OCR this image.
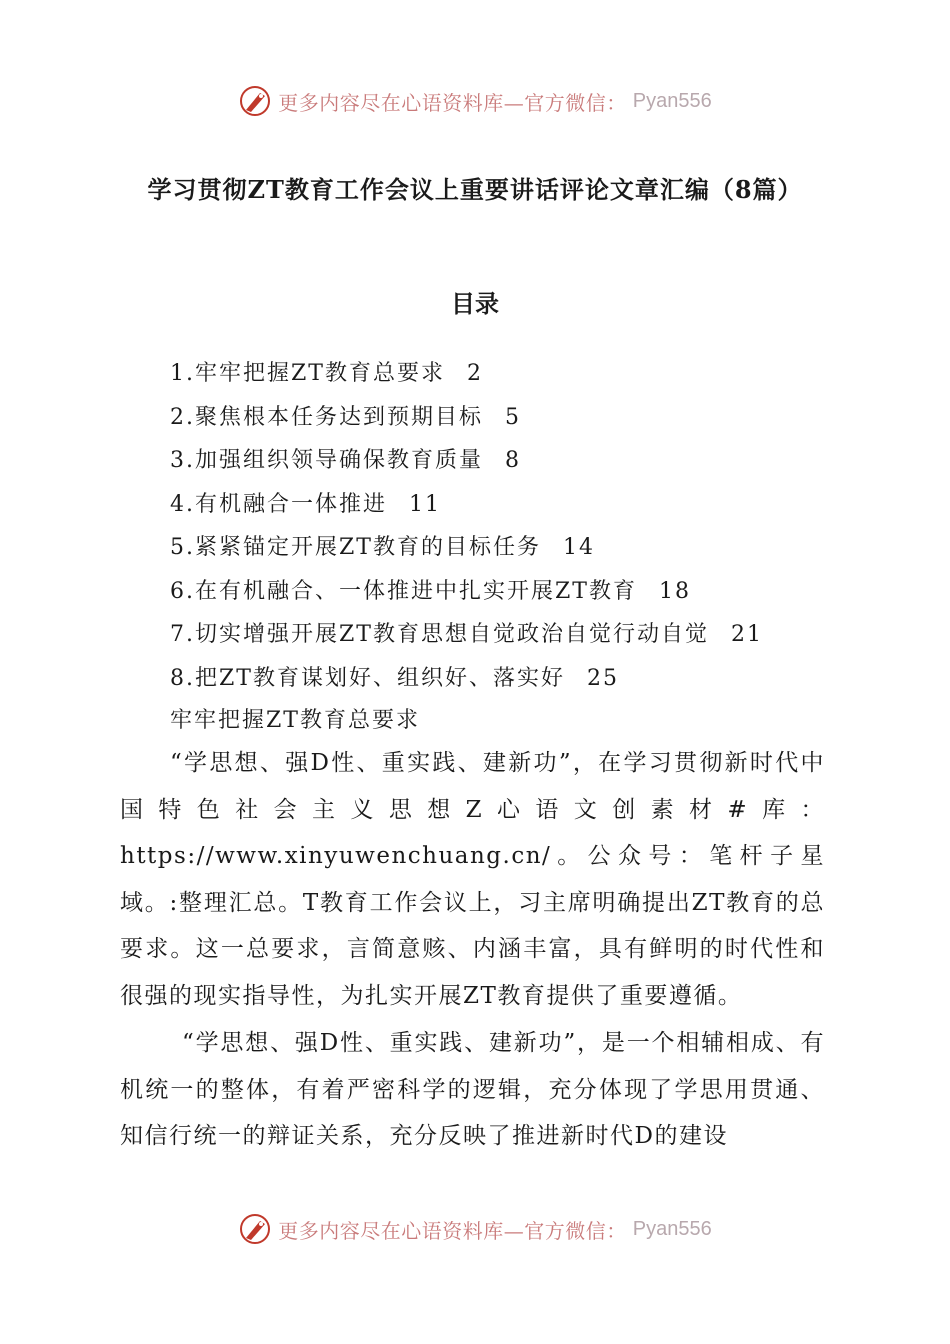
更多内容尽在心语资料库—官方微信： Pyan556
学习贯彻ZT教育工作会议上重要讲话评论文章汇编（8篇）
目录
1.牢牢把握ZT教育总要求 2
2.聚焦根本任务达到预期目标 5
3.加强组织领导确保教育质量 8
4.有机融合一体推进 11
5.紧紧锚定开展ZT教育的目标任务 14
6.在有机融合、一体推进中扎实开展ZT教育 18
7.切实增强开展ZT教育思想自觉政治自觉行动自觉 21
8.把ZT教育谋划好、组织好、落实好 25
牢牢把握ZT教育总要求

“学思想、强D性、重实践、建新功”，在学习贯彻新时代中国特色社会主义思想Z心语文创素材#库：https://www.xinyuwenchuang.cn/。公众号：笔杆子星域。:整理汇总。T教育工作会议上，习主席明确提出ZT教育的总要求。这一总要求，言简意赅、内涵丰富，具有鲜明的时代性和很强的现实指导性，为扎实开展ZT教育提供了重要遵循。

“学思想、强D性、重实践、建新功”，是一个相辅相成、有机统一的整体，有着严密科学的逻辑，充分体现了学思用贯通、知信行统一的辩证关系，充分反映了推进新时代D的建设

更多内容尽在心语资料库—官方微信： Pyan556
